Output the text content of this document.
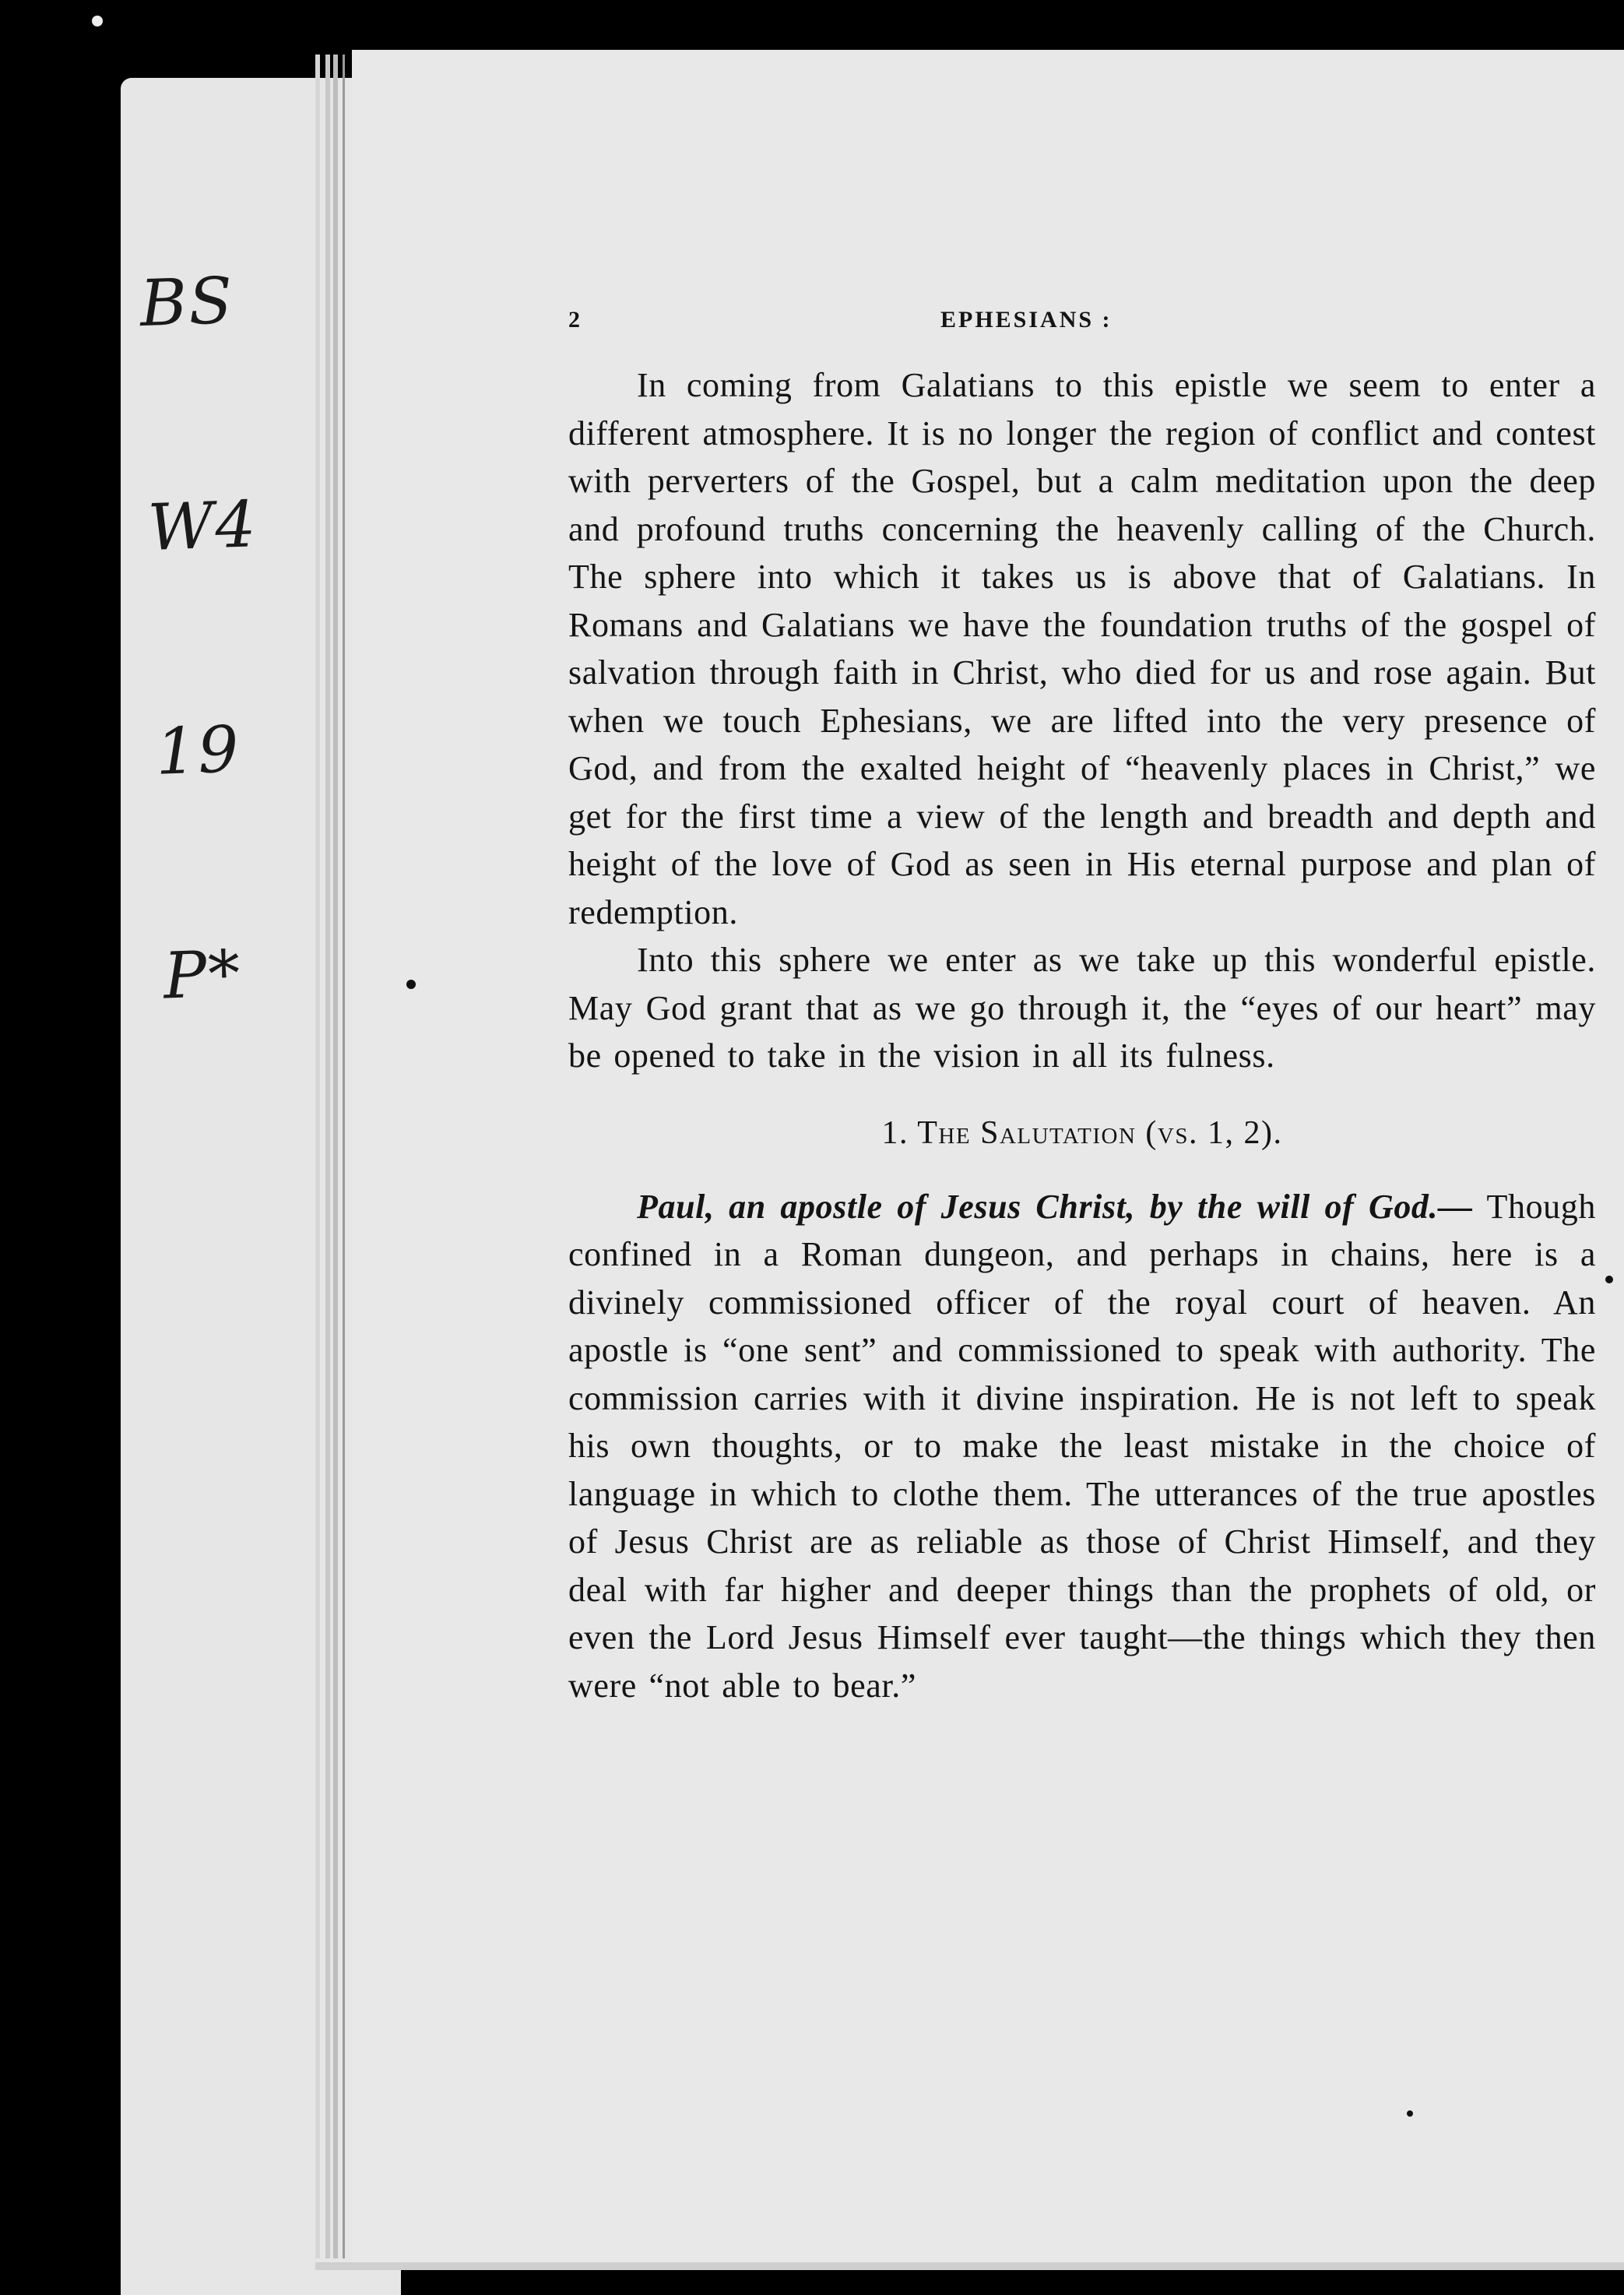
BS

W4

19

P*

2	EPHESIANS :

In coming from Galatians to this epistle we seem to enter a different atmosphere. It is no longer the region of conflict and contest with perverters of the Gospel, but a calm meditation upon the deep and profound truths concerning the heavenly calling of the Church. The sphere into which it takes us is above that of Galatians. In Romans and Galatians we have the foundation truths of the gospel of salvation through faith in Christ, who died for us and rose again. But when we touch Ephesians, we are lifted into the very presence of God, and from the exalted height of “heavenly places in Christ,” we get for the first time a view of the length and breadth and depth and height of the love of God as seen in His eternal purpose and plan of redemption.

Into this sphere we enter as we take up this wonderful epistle. May God grant that as we go through it, the “eyes of our heart” may be opened to take in the vision in all its fulness.

1. The Salutation (vs. 1, 2).

Paul, an apostle of Jesus Christ, by the will of God.— Though confined in a Roman dungeon, and perhaps in chains, here is a divinely commissioned officer of the royal court of heaven. An apostle is “one sent” and commissioned to speak with authority. The commission carries with it divine inspiration. He is not left to speak his own thoughts, or to make the least mistake in the choice of language in which to clothe them. The utterances of the true apostles of Jesus Christ are as reliable as those of Christ Himself, and they deal with far higher and deeper things than the prophets of old, or even the Lord Jesus Himself ever taught—the things which they then were “not able to bear.”
